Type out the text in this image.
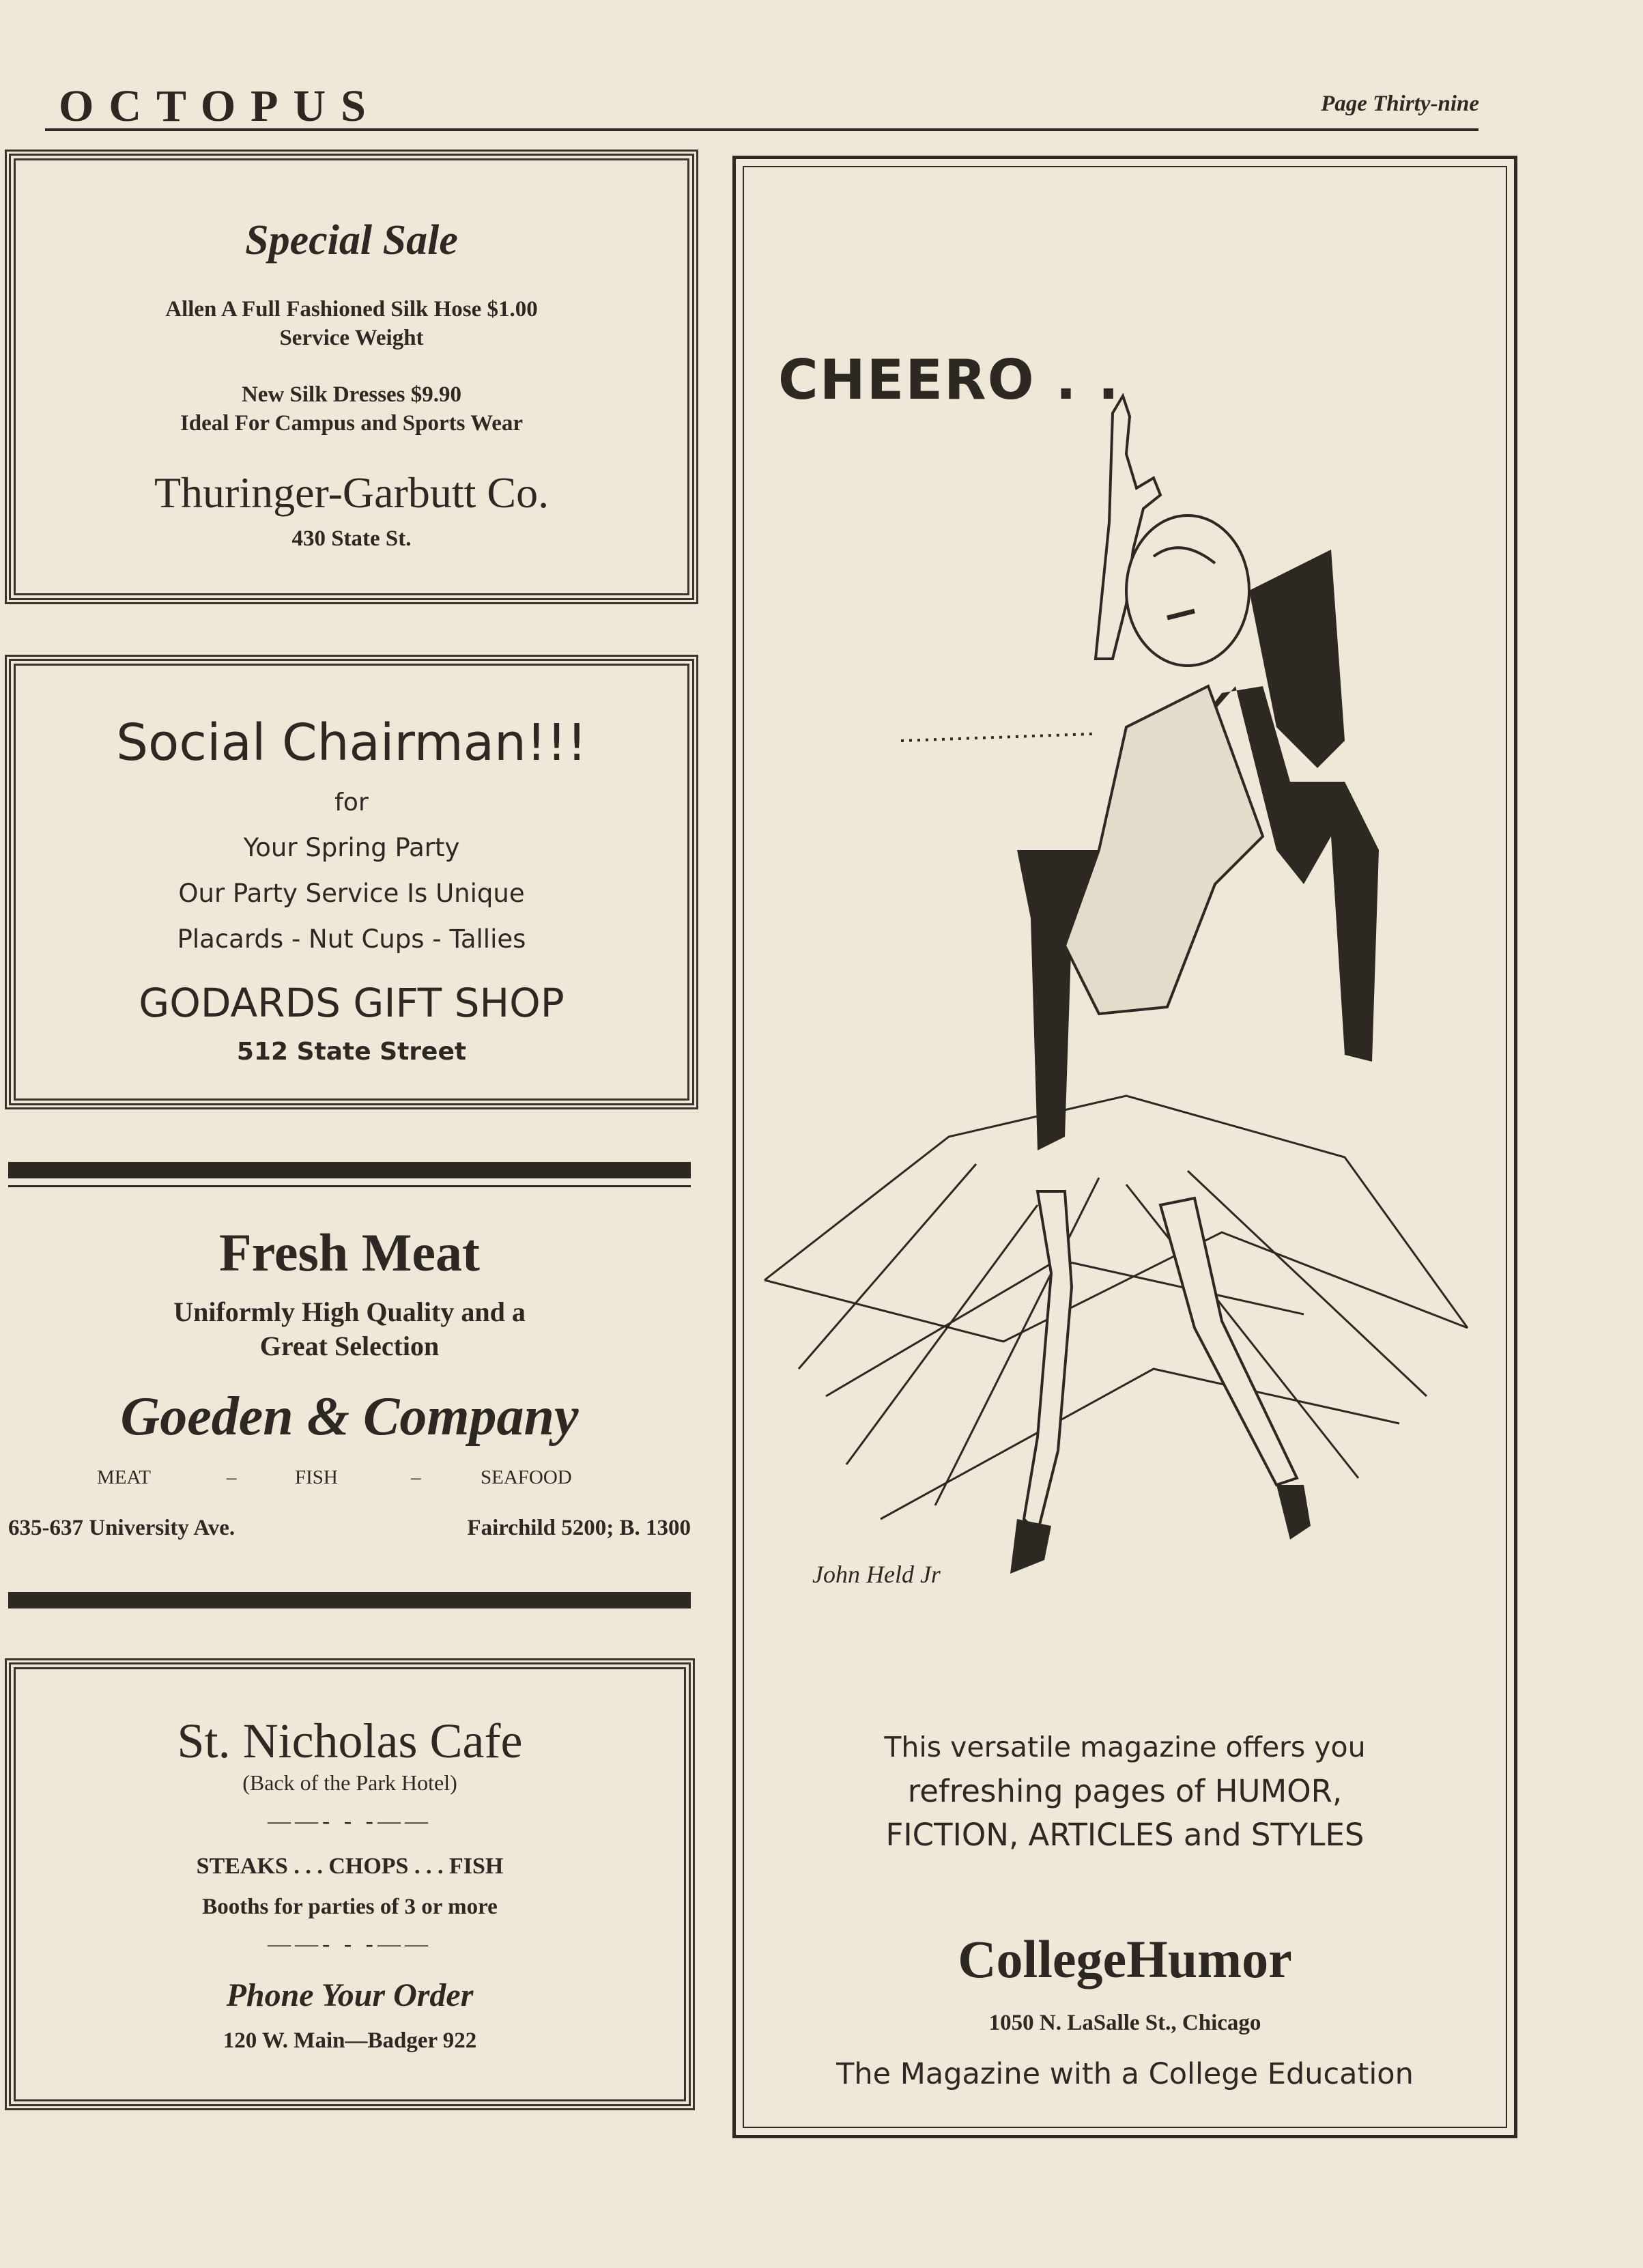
OCTOPUS	Page Thirty-nine
Special Sale
Allen A Full Fashioned Silk Hose $1.00
Service Weight
New Silk Dresses $9.90
Ideal For Campus and Sports Wear
Thuringer-Garbutt Co.
430 State St.
Social Chairman!!!
for
Your Spring Party
Our Party Service Is Unique
Placards - Nut Cups - Tallies
GODARDS GIFT SHOP
512 State Street
Fresh Meat
Uniformly High Quality and a
Great Selection
Goeden & Company
MEAT	–	FISH	–	SEAFOOD
635-637 University Ave.	Fairchild 5200; B. 1300
St. Nicholas Cafe
(Back of the Park Hotel)
——- - -——
STEAKS . . . CHOPS . . . FISH
Booths for parties of 3 or more
——- - -——
Phone Your Order
120 W. Main—Badger 922
CHEERO . .
John Held Jr
This versatile magazine offers you
refreshing pages of HUMOR,
FICTION, ARTICLES and STYLES
CollegeHumor
1050 N. LaSalle St., Chicago
The Magazine with a College Education
